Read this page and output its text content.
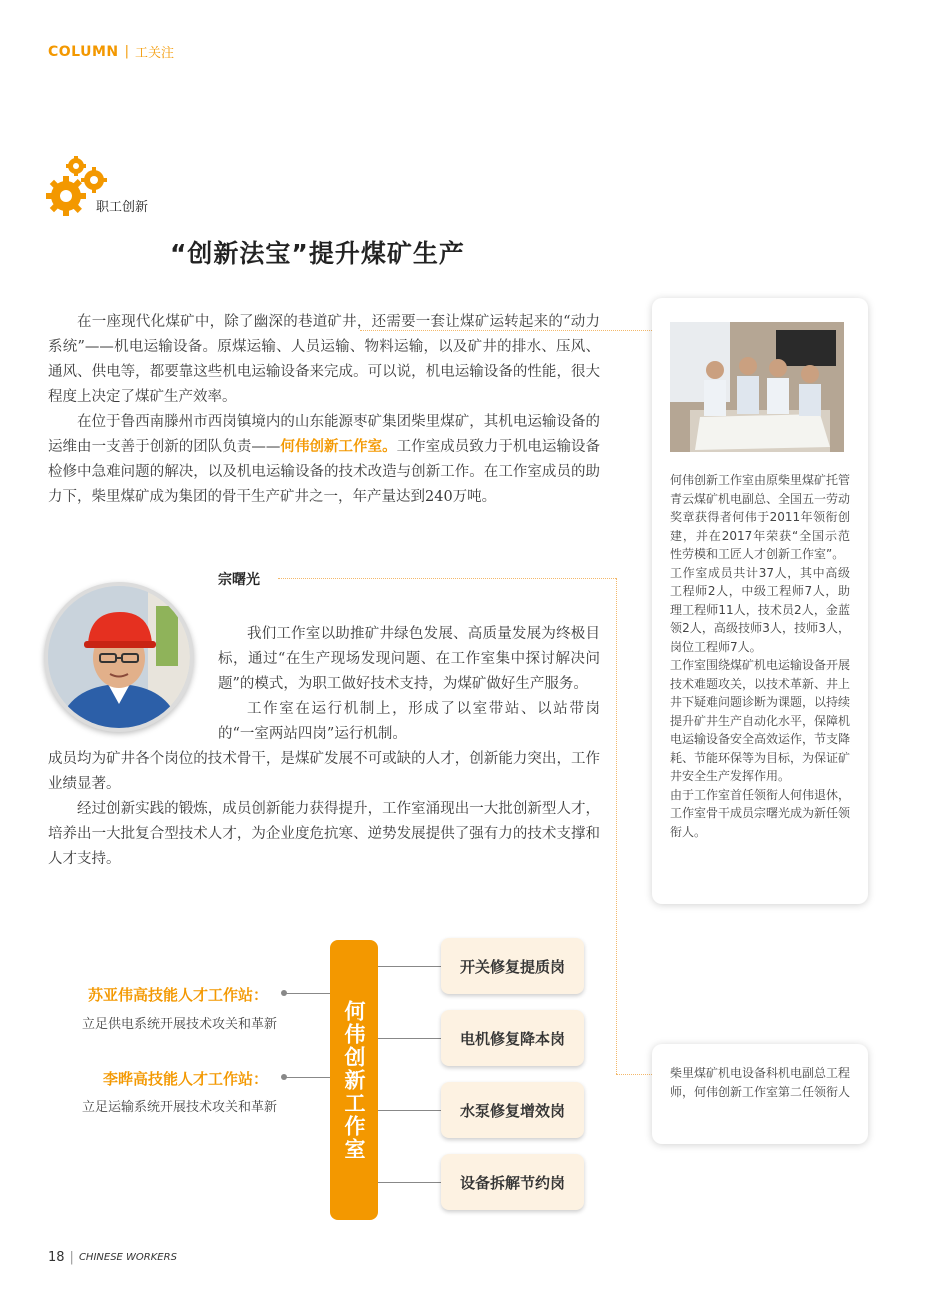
COLUMN | 工关注
职工创新
“创新法宝”提升煤矿生产

在一座现代化煤矿中，除了幽深的巷道矿井，还需要一套让煤矿运转起来的“动力系统”——机电运输设备。原煤运输、人员运输、物料运输，以及矿井的排水、压风、通风、供电等，都要靠这些机电运输设备来完成。可以说，机电运输设备的性能，很大程度上决定了煤矿生产效率。

在位于鲁西南滕州市西岗镇境内的山东能源枣矿集团柴里煤矿，其机电运输设备的运维由一支善于创新的团队负责——何伟创新工作室。工作室成员致力于机电运输设备检修中急难问题的解决，以及机电运输设备的技术改造与创新工作。在工作室成员的助力下，柴里煤矿成为集团的骨干生产矿井之一，年产量达到240万吨。

宗曙光

我们工作室以助推矿井绿色发展、高质量发展为终极目标，通过“在生产现场发现问题、在工作室集中探讨解决问题”的模式，为职工做好技术支持，为煤矿做好生产服务。

工作室在运行机制上，形成了以室带站、以站带岗的“一室两站四岗”运行机制。

成员均为矿井各个岗位的技术骨干，是煤矿发展不可或缺的人才，创新能力突出，工作业绩显著。

经过创新实践的锻炼，成员创新能力获得提升，工作室涌现出一大批创新型人才，培养出一大批复合型技术人才，为企业度危抗寒、逆势发展提供了强有力的技术支撑和人才支持。

何伟创新工作室由原柴里煤矿托管青云煤矿机电副总、全国五一劳动奖章获得者何伟于2011年领衔创建，并在2017年荣获“全国示范性劳模和工匠人才创新工作室”。
工作室成员共计37人，其中高级工程师2人，中级工程师7人，助理工程师11人，技术员2人，金蓝领2人，高级技师3人，技师3人，岗位工程师7人。
工作室围绕煤矿机电运输设备开展技术难题攻关，以技术革新、井上井下疑难问题诊断为课题，以持续提升矿井生产自动化水平，保障机电运输设备安全高效运作，节支降耗、节能环保等为目标，为保证矿井安全生产发挥作用。
由于工作室首任领衔人何伟退休，工作室骨干成员宗曙光成为新任领衔人。
柴里煤矿机电设备科机电副总工程师，何伟创新工作室第二任领衔人
何伟创新工作室
开关修复提质岗
电机修复降本岗
水泵修复增效岗
设备拆解节约岗
苏亚伟高技能人才工作站：
立足供电系统开展技术攻关和革新
李晔高技能人才工作站：
立足运输系统开展技术攻关和革新
18 | CHINESE WORKERS
